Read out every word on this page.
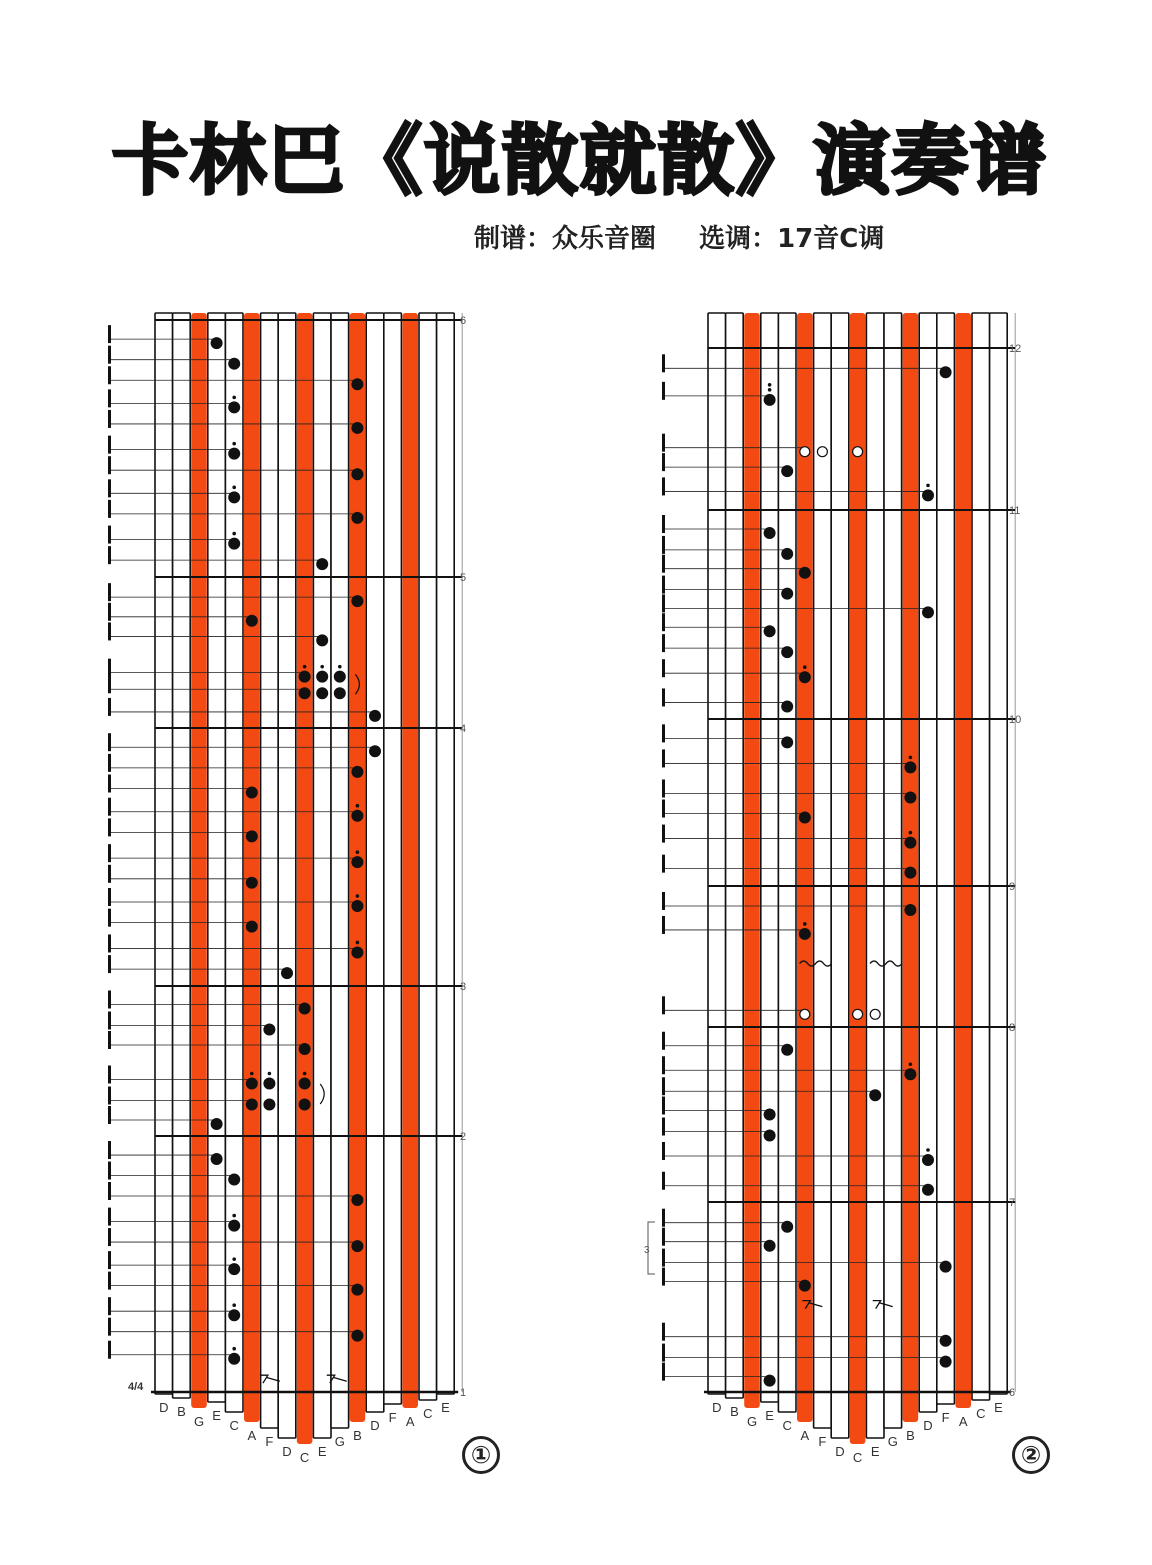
卡林巴《说散就散》演奏谱
制谱：众乐音圈 选调：17音C调
D B
G E
C
A F
D C E
G B
D
F A
C E
1
2
3
4
5
6
4/4
D B
G E
C
A F
D C E
G B
D
F A
C E
6
7
8
9
10
11
12
3
①	②
